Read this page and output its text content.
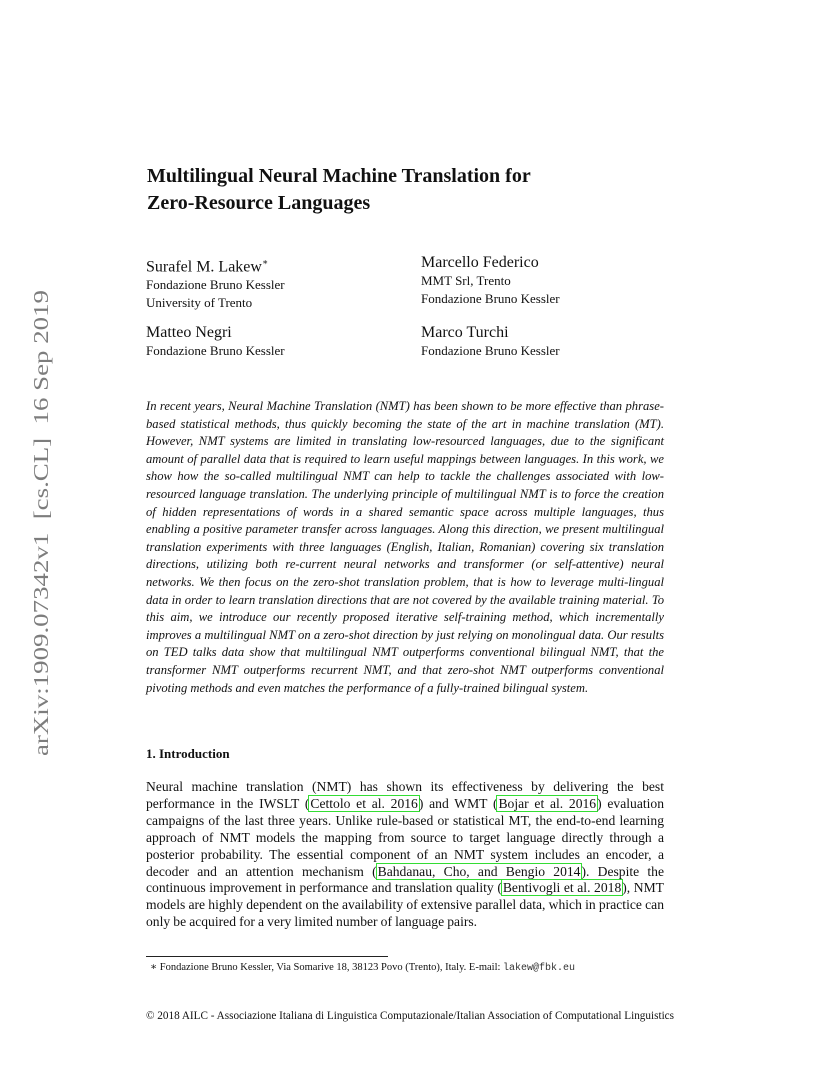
arXiv:1909.07342v1  [cs.CL]  16 Sep 2019
Multilingual Neural Machine Translation for
Zero-Resource Languages
Surafel M. Lakew∗
Fondazione Bruno Kessler
University of Trento
Marcello Federico
MMT Srl, Trento
Fondazione Bruno Kessler
Matteo Negri
Fondazione Bruno Kessler
Marco Turchi
Fondazione Bruno Kessler

In recent years, Neural Machine Translation (NMT) has been shown to be more effective than phrase-based statistical methods, thus quickly becoming the state of the art in machine translation (MT). However, NMT systems are limited in translating low-resourced languages, due to the significant amount of parallel data that is required to learn useful mappings between languages. In this work, we show how the so-called multilingual NMT can help to tackle the challenges associated with low-resourced language translation. The underlying principle of multilingual NMT is to force the creation of hidden representations of words in a shared semantic space across multiple languages, thus enabling a positive parameter transfer across languages. Along this direction, we present multilingual translation experiments with three languages (English, Italian, Romanian) covering six translation directions, utilizing both re-current neural networks and transformer (or self-attentive) neural networks. We then focus on the zero-shot translation problem, that is how to leverage multi-lingual data in order to learn translation directions that are not covered by the available training material. To this aim, we introduce our recently proposed iterative self-training method, which incrementally improves a multilingual NMT on a zero-shot direction by just relying on monolingual data. Our results on TED talks data show that multilingual NMT outperforms conventional bilingual NMT, that the transformer NMT outperforms recurrent NMT, and that zero-shot NMT outperforms conventional pivoting methods and even matches the performance of a fully-trained bilingual system.

1. Introduction

Neural machine translation (NMT) has shown its effectiveness by delivering the best performance in the IWSLT (Cettolo et al. 2016) and WMT (Bojar et al. 2016) evaluation campaigns of the last three years. Unlike rule-based or statistical MT, the end-to-end learning approach of NMT models the mapping from source to target language directly through a posterior probability. The essential component of an NMT system includes an encoder, a decoder and an attention mechanism (Bahdanau, Cho, and Bengio 2014). Despite the continuous improvement in performance and translation quality (Bentivogli et al. 2018), NMT models are highly dependent on the availability of extensive parallel data, which in practice can only be acquired for a very limited number of language pairs.

∗ Fondazione Bruno Kessler, Via Somarive 18, 38123 Povo (Trento), Italy. E-mail: lakew@fbk.eu

© 2018 AILC - Associazione Italiana di Linguistica Computazionale/Italian Association of Computational Linguistics
